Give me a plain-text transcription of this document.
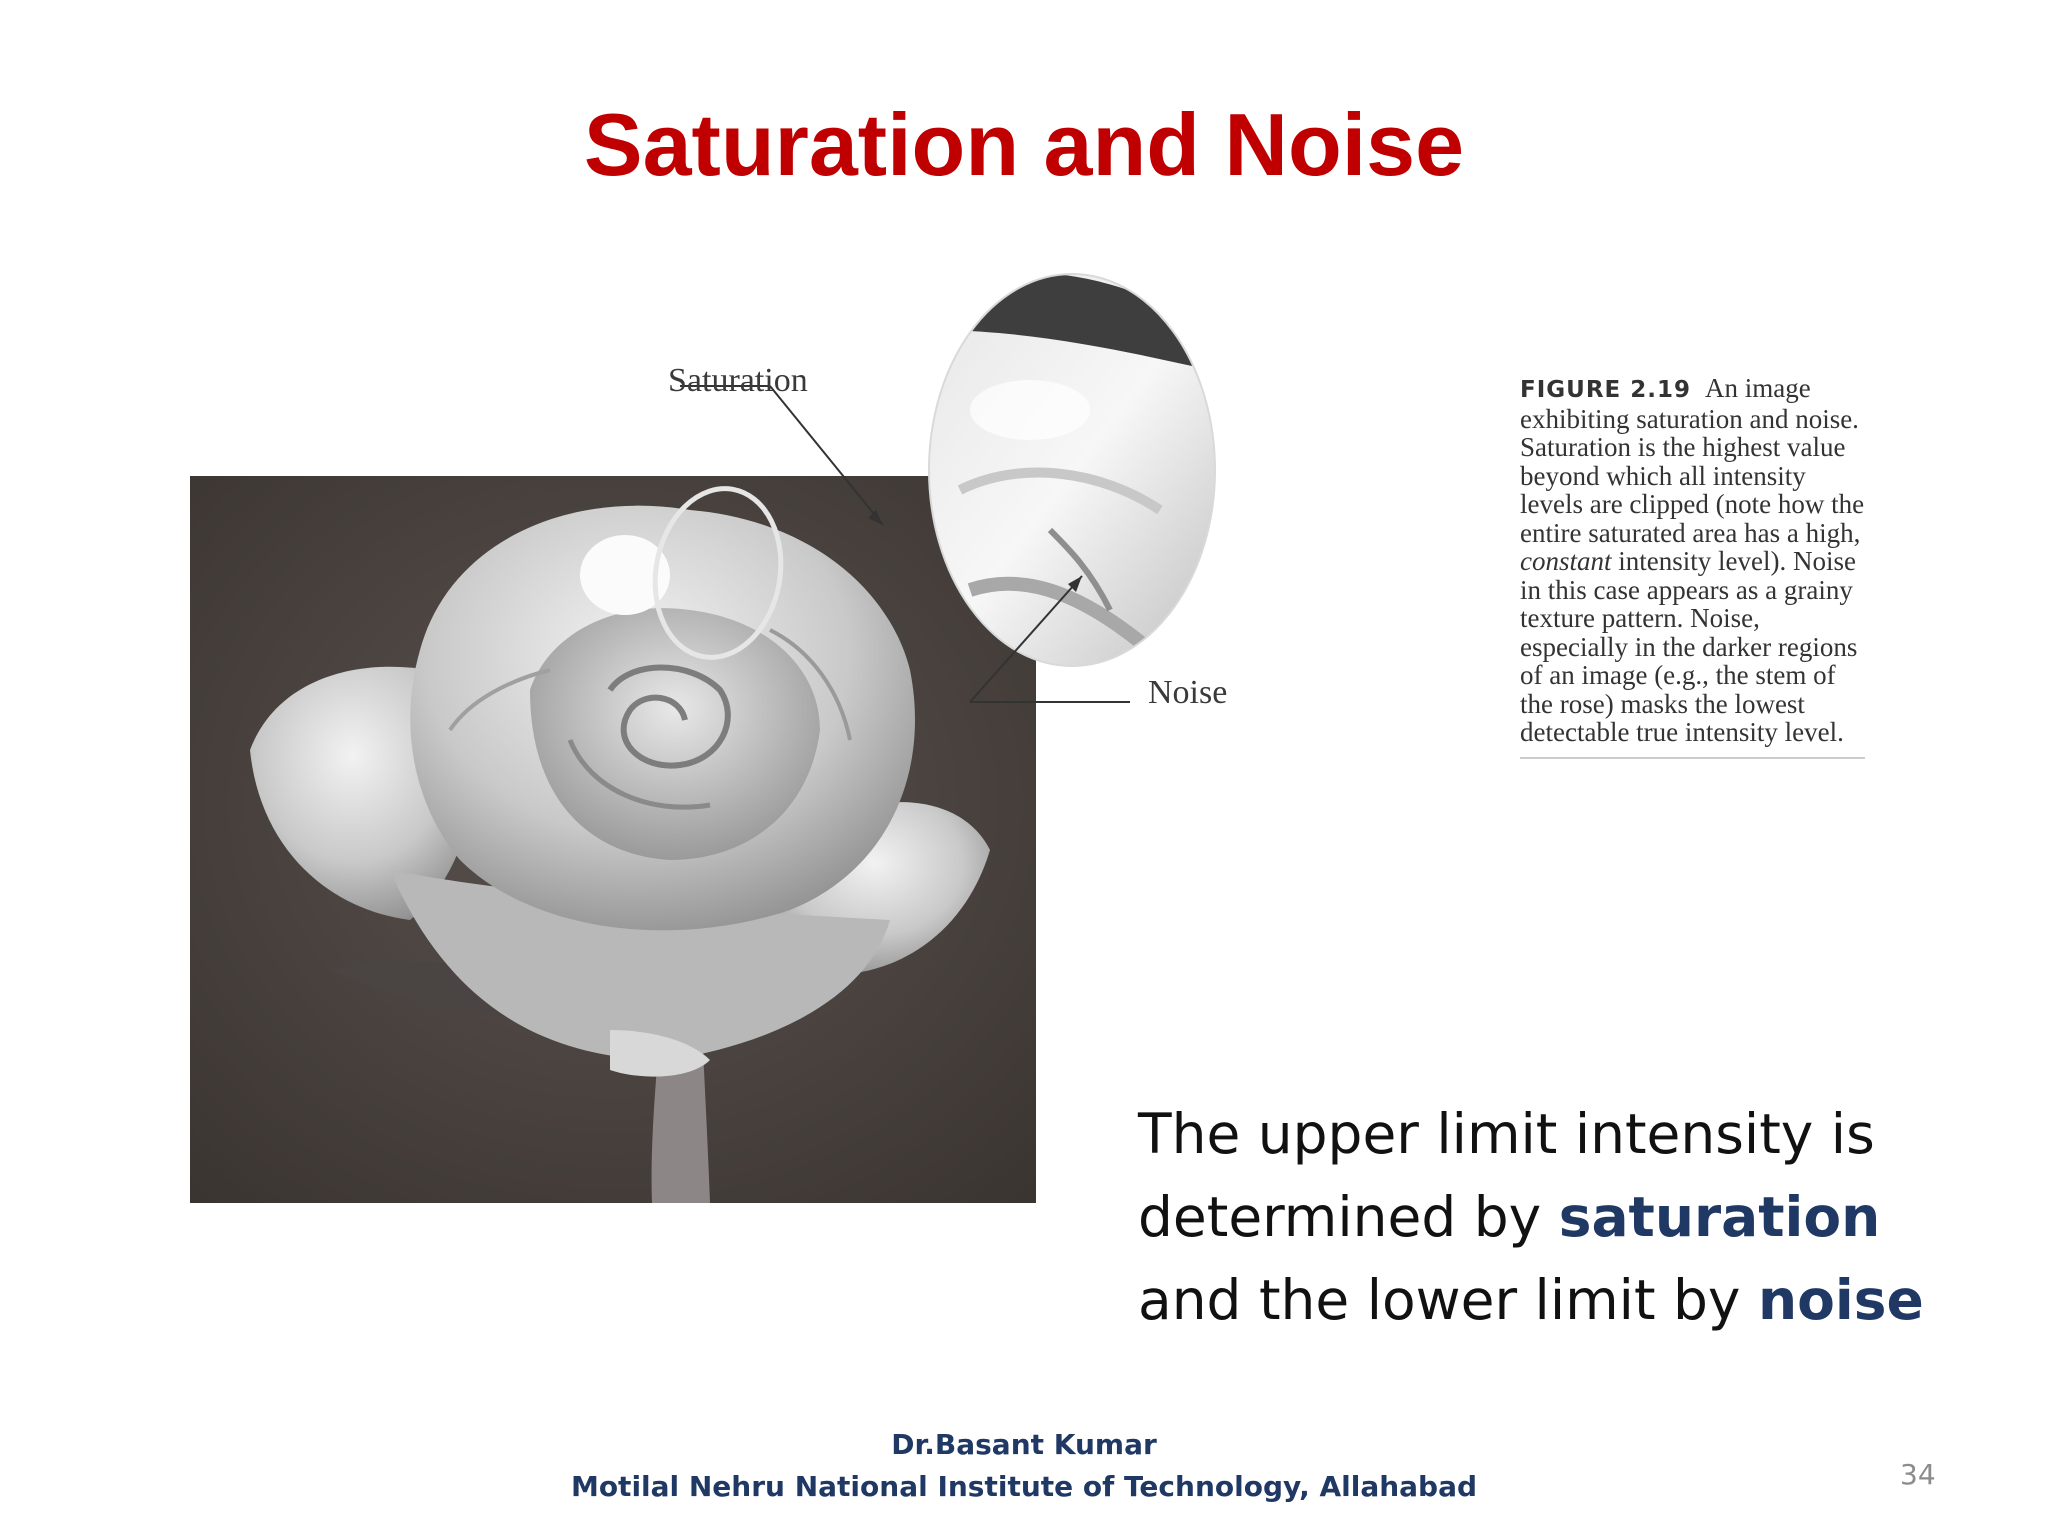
Saturation and Noise
Saturation
Noise
FIGURE 2.19 An image exhibiting saturation and noise. Saturation is the highest value beyond which all intensity levels are clipped (note how the entire saturated area has a high, constant intensity level). Noise in this case appears as a grainy texture pattern. Noise, especially in the darker regions of an image (e.g., the stem of the rose) masks the lowest detectable true intensity level.
The upper limit intensity is determined by saturation and the lower limit by noise
Dr.Basant Kumar
Motilal Nehru National Institute of Technology, Allahabad	34
